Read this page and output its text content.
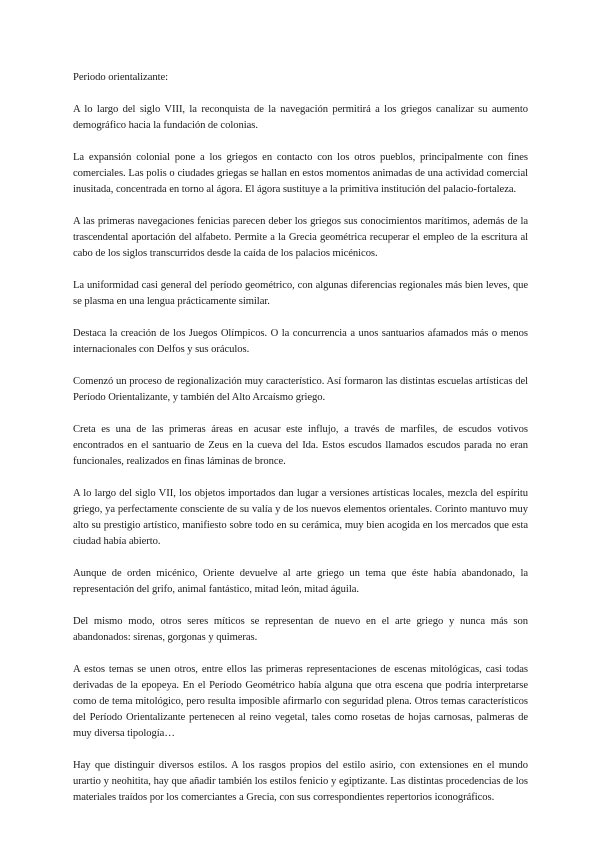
Periodo orientalizante:

A lo largo del siglo VIII, la reconquista de la navegación permitirá a los griegos canalizar su aumento demográfico hacia la fundación de colonias.

La expansión colonial pone a los griegos en contacto con los otros pueblos, principalmente con fines comerciales. Las polis o ciudades griegas se hallan en estos momentos animadas de una actividad comercial inusitada, concentrada en torno al ágora. El ágora sustituye a la primitiva institución del palacio-fortaleza.

A las primeras navegaciones fenicias parecen deber los griegos sus conocimientos marítimos, además de la trascendental aportación del alfabeto. Permite a la Grecia geométrica recuperar el empleo de la escritura al cabo de los siglos transcurridos desde la caída de los palacios micénicos.

La uniformidad casi general del período geométrico, con algunas diferencias regionales más bien leves, que se plasma en una lengua prácticamente similar.

Destaca la creación de los Juegos Olímpicos. O la concurrencia a unos santuarios afamados más o menos internacionales con Delfos y sus oráculos.

Comenzó un proceso de regionalización muy característico. Así formaron las distintas escuelas artísticas del Período Orientalizante, y también del Alto Arcaísmo griego.

Creta es una de las primeras áreas en acusar este influjo, a través de marfiles, de escudos votivos encontrados en el santuario de Zeus en la cueva del Ida. Estos escudos llamados escudos parada no eran funcionales, realizados en finas láminas de bronce.

A lo largo del siglo VII, los objetos importados dan lugar a versiones artísticas locales, mezcla del espíritu griego, ya perfectamente consciente de su valía y de los nuevos elementos orientales. Corinto mantuvo muy alto su prestigio artístico, manifiesto sobre todo en su cerámica, muy bien acogida en los mercados que esta ciudad había abierto.

Aunque de orden micénico, Oriente devuelve al arte griego un tema que éste había abandonado, la representación del grifo, animal fantástico, mitad león, mitad águila.

Del mismo modo, otros seres míticos se representan de nuevo en el arte griego y nunca más son abandonados: sirenas, gorgonas y quimeras.

A estos temas se unen otros, entre ellos las primeras representaciones de escenas mitológicas, casi todas derivadas de la epopeya. En el Período Geométrico había alguna que otra escena que podría interpretarse como de tema mitológico, pero resulta imposible afirmarlo con seguridad plena. Otros temas característicos del Período Orientalizante pertenecen al reino vegetal, tales como rosetas de hojas carnosas, palmeras de muy diversa tipología…

Hay que distinguir diversos estilos. A los rasgos propios del estilo asirio, con extensiones en el mundo urartio y neohitita, hay que añadir también los estilos fenicio y egiptizante. Las distintas procedencias de los materiales traídos por los comerciantes a Grecia, con sus correspondientes repertorios iconográficos.
